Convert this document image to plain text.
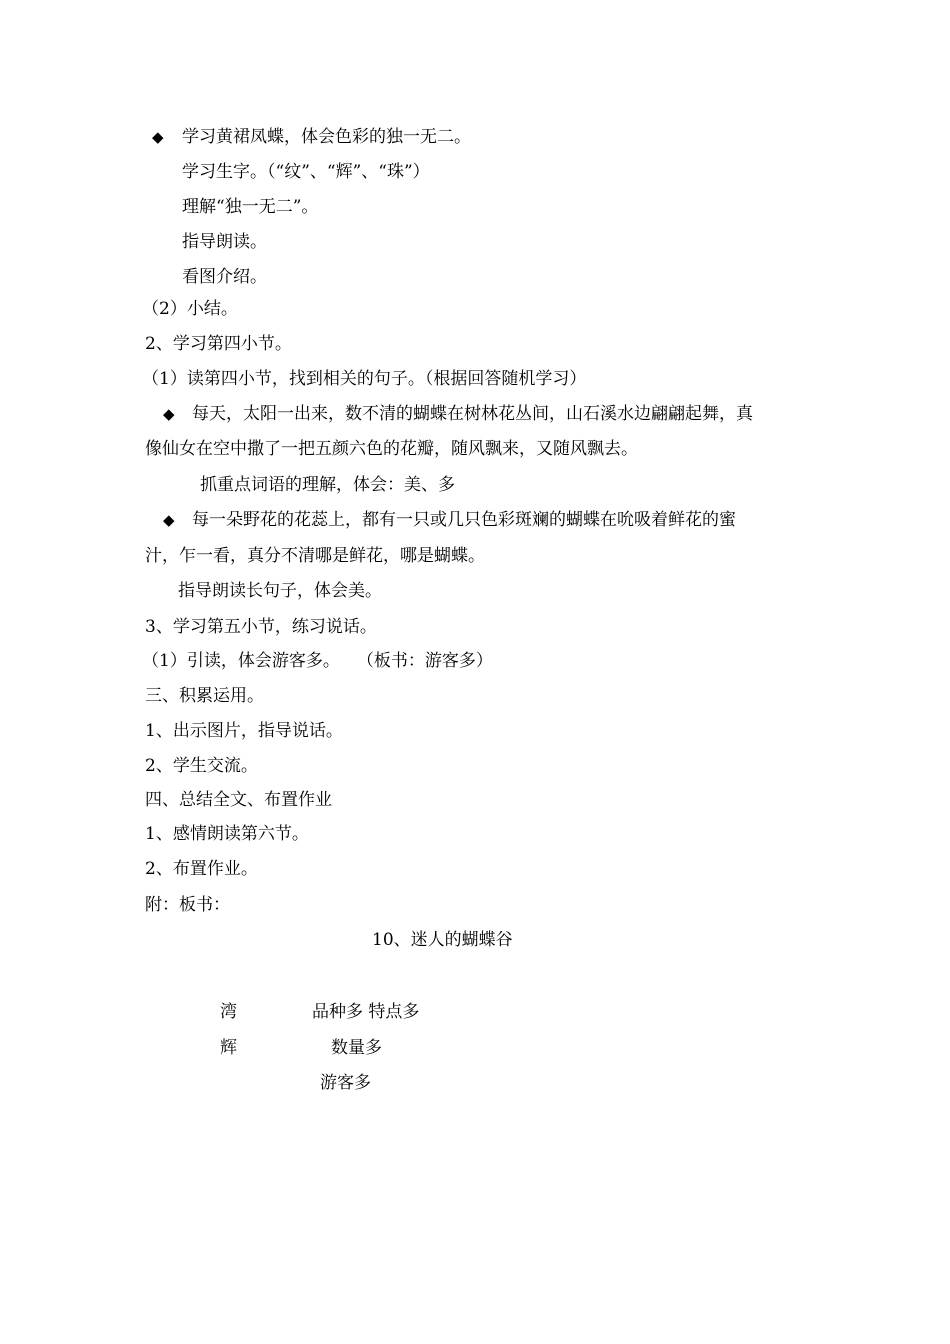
◆ 学习黄裙凤蝶，体会色彩的独一无二。
学习生字。（“纹”、“辉”、“珠”）
理解“独一无二”。
指导朗读。
看图介绍。
（2）小结。
2、学习第四小节。
（1）读第四小节，找到相关的句子。（根据回答随机学习）
◆ 每天，太阳一出来，数不清的蝴蝶在树林花丛间，山石溪水边翩翩起舞，真
像仙女在空中撒了一把五颜六色的花瓣，随风飘来，又随风飘去。
抓重点词语的理解，体会：美、多
◆ 每一朵野花的花蕊上，都有一只或几只色彩斑斓的蝴蝶在吮吸着鲜花的蜜
汁，乍一看，真分不清哪是鲜花，哪是蝴蝶。
指导朗读长句子，体会美。
3、学习第五小节，练习说话。
（1）引读，体会游客多。　　（板书：游客多）
三、积累运用。
1、出示图片，指导说话。
2、学生交流。
四、总结全文、布置作业
1、感情朗读第六节。
2、布置作业。
附：板书：
10、迷人的蝴蝶谷
湾	品种多 特点多
辉	数量多
游客多
